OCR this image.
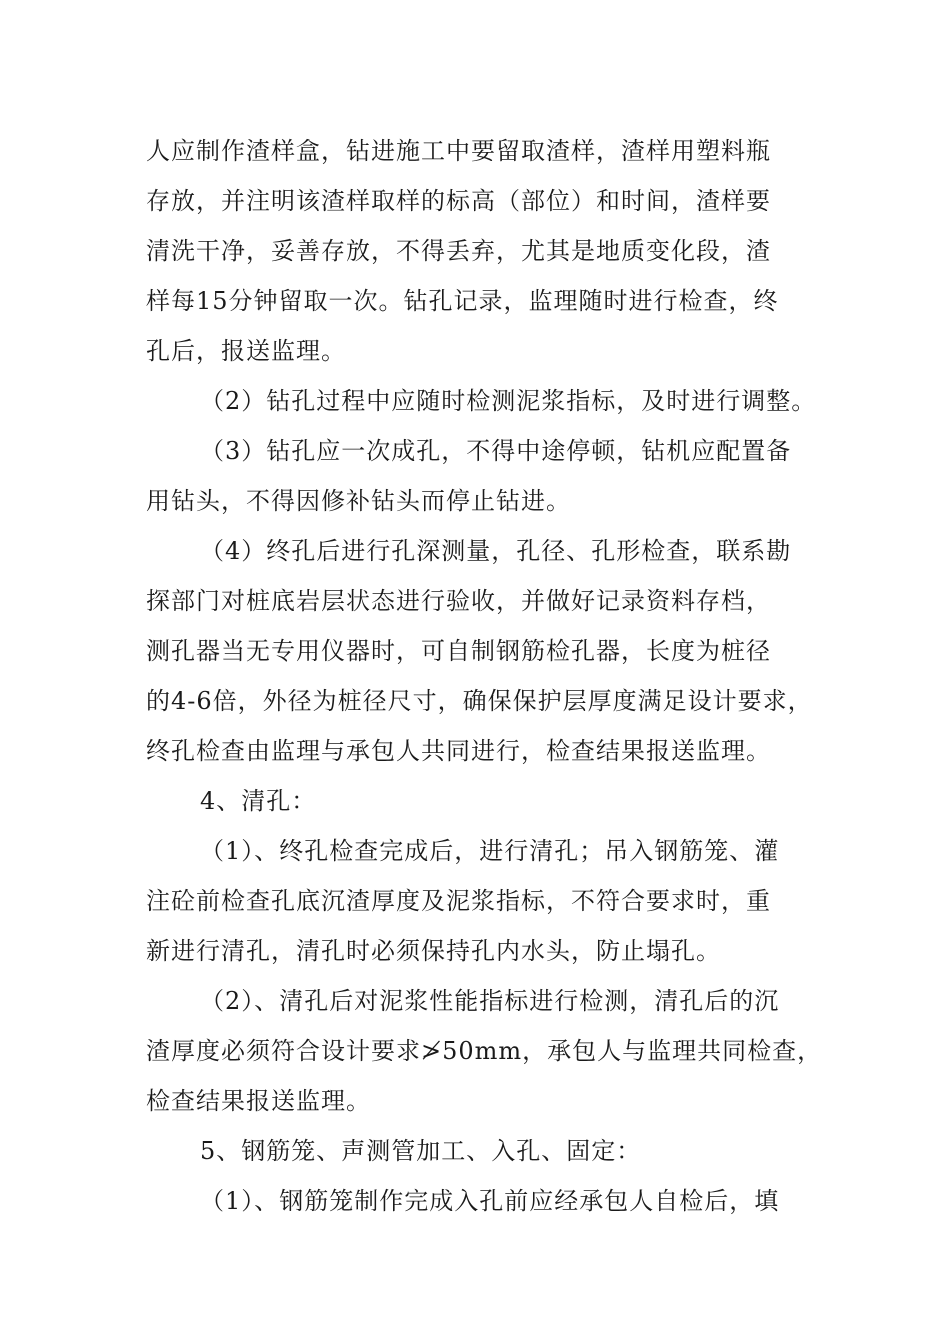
人应制作渣样盒，钻进施工中要留取渣样，渣样用塑料瓶
存放，并注明该渣样取样的标高（部位）和时间，渣样要
清洗干净，妥善存放，不得丢弃，尤其是地质变化段，渣
样每15分钟留取一次。钻孔记录，监理随时进行检查，终
孔后，报送监理。
（2）钻孔过程中应随时检测泥浆指标，及时进行调整。
（3）钻孔应一次成孔，不得中途停顿，钻机应配置备
用钻头，不得因修补钻头而停止钻进。
（4）终孔后进行孔深测量，孔径、孔形检查，联系勘
探部门对桩底岩层状态进行验收，并做好记录资料存档，
测孔器当无专用仪器时，可自制钢筋检孔器，长度为桩径
的4-6倍，外径为桩径尺寸，确保保护层厚度满足设计要求，
终孔检查由监理与承包人共同进行，检查结果报送监理。
4、清孔：
（1）、终孔检查完成后，进行清孔；吊入钢筋笼、灌
注砼前检查孔底沉渣厚度及泥浆指标，不符合要求时，重
新进行清孔，清孔时必须保持孔内水头，防止塌孔。
（2）、清孔后对泥浆性能指标进行检测，清孔后的沉
渣厚度必须符合设计要求≯50mm，承包人与监理共同检查，
检查结果报送监理。
5、钢筋笼、声测管加工、入孔、固定：
（1）、钢筋笼制作完成入孔前应经承包人自检后，填
